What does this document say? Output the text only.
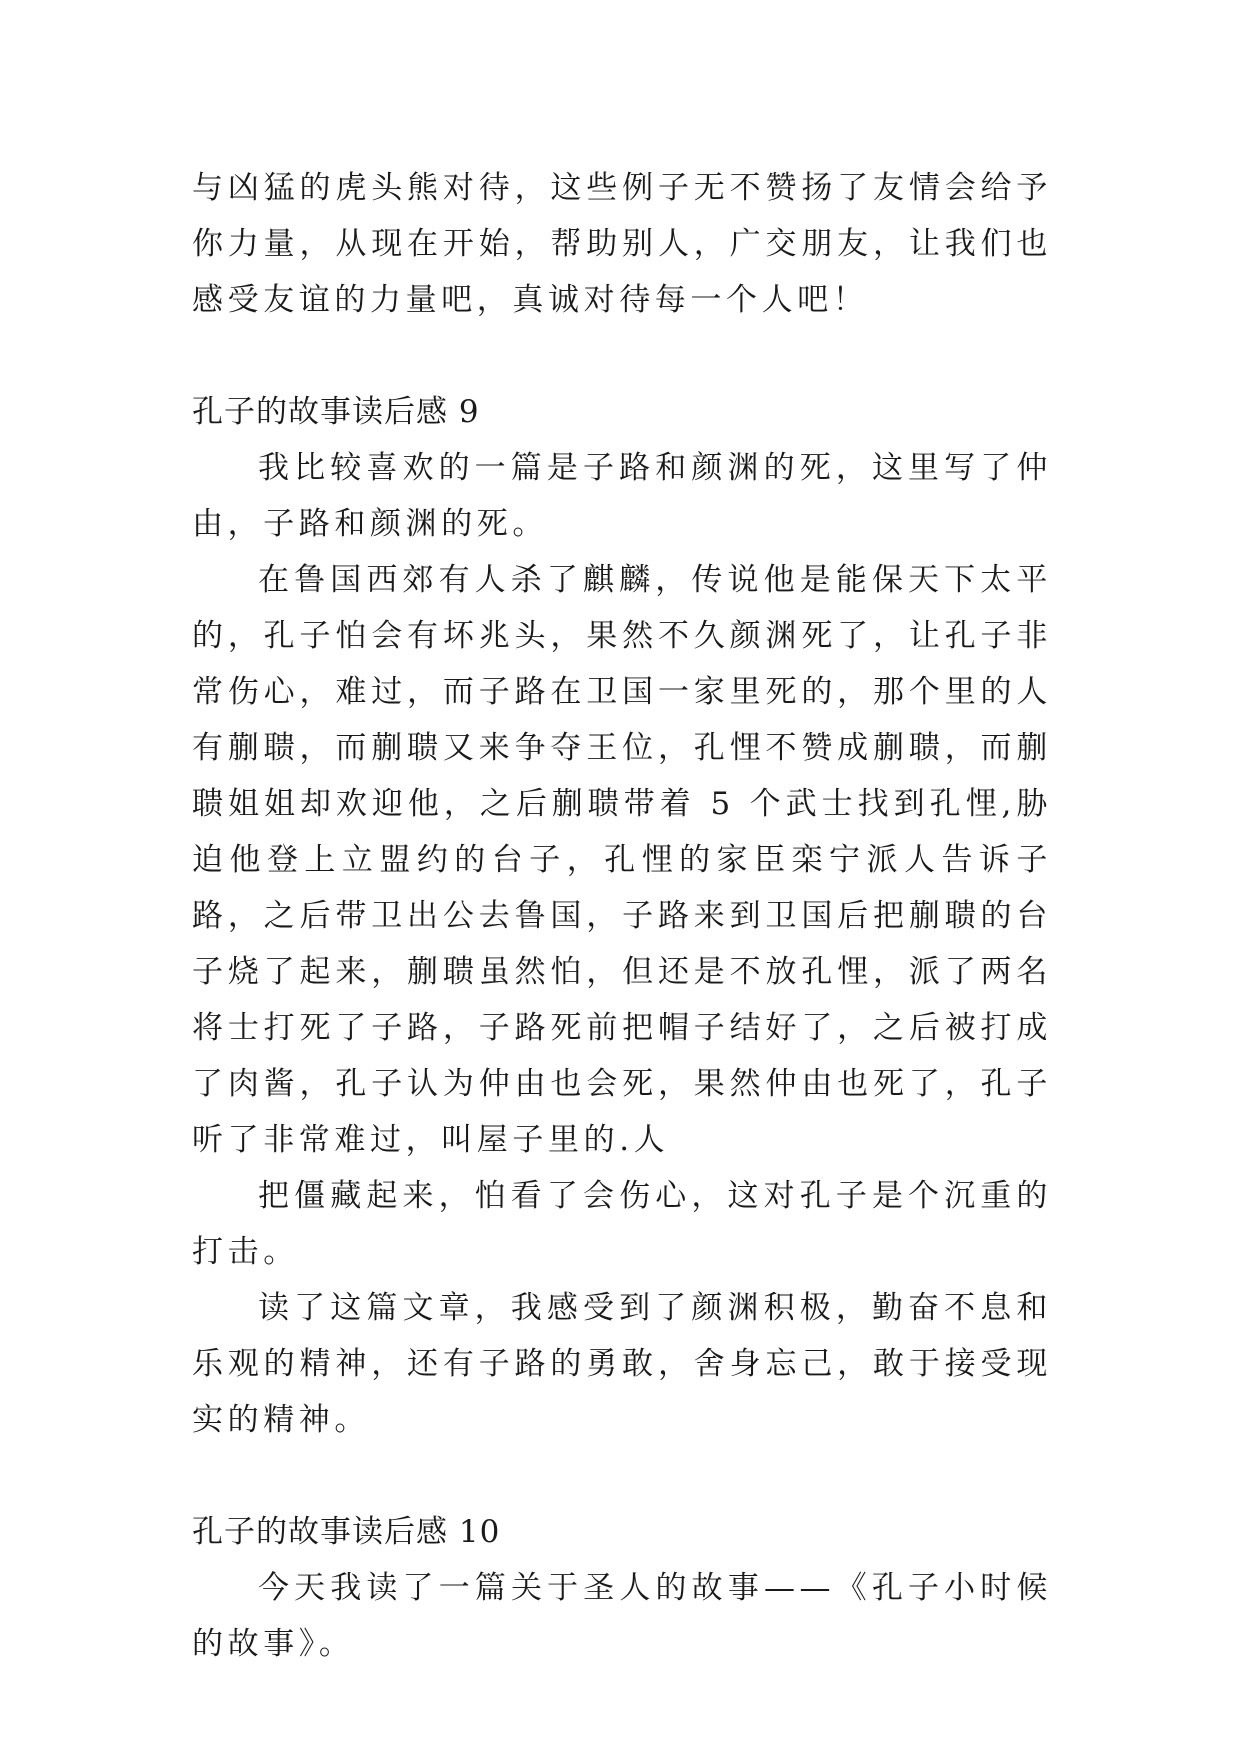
与凶猛的虎头熊对待，这些例子无不赞扬了友情会给予你力量，从现在开始，帮助别人，广交朋友，让我们也感受友谊的力量吧，真诚对待每一个人吧！

孔子的故事读后感 9

我比较喜欢的一篇是子路和颜渊的死，这里写了仲由，子路和颜渊的死。

在鲁国西郊有人杀了麒麟，传说他是能保天下太平的，孔子怕会有坏兆头，果然不久颜渊死了，让孔子非常伤心，难过，而子路在卫国一家里死的，那个里的人有蒯聩，而蒯聩又来争夺王位，孔悝不赞成蒯聩，而蒯聩姐姐却欢迎他，之后蒯聩带着 5 个武士找到孔悝,胁迫他登上立盟约的台子，孔悝的家臣栾宁派人告诉子路，之后带卫出公去鲁国，子路来到卫国后把蒯聩的台子烧了起来，蒯聩虽然怕，但还是不放孔悝，派了两名将士打死了子路，子路死前把帽子结好了，之后被打成了肉酱，孔子认为仲由也会死，果然仲由也死了，孔子听了非常难过，叫屋子里的.人

把僵藏起来，怕看了会伤心，这对孔子是个沉重的打击。

读了这篇文章，我感受到了颜渊积极，勤奋不息和乐观的精神，还有子路的勇敢，舍身忘己，敢于接受现实的精神。

孔子的故事读后感 10

今天我读了一篇关于圣人的故事——《孔子小时候的故事》。
